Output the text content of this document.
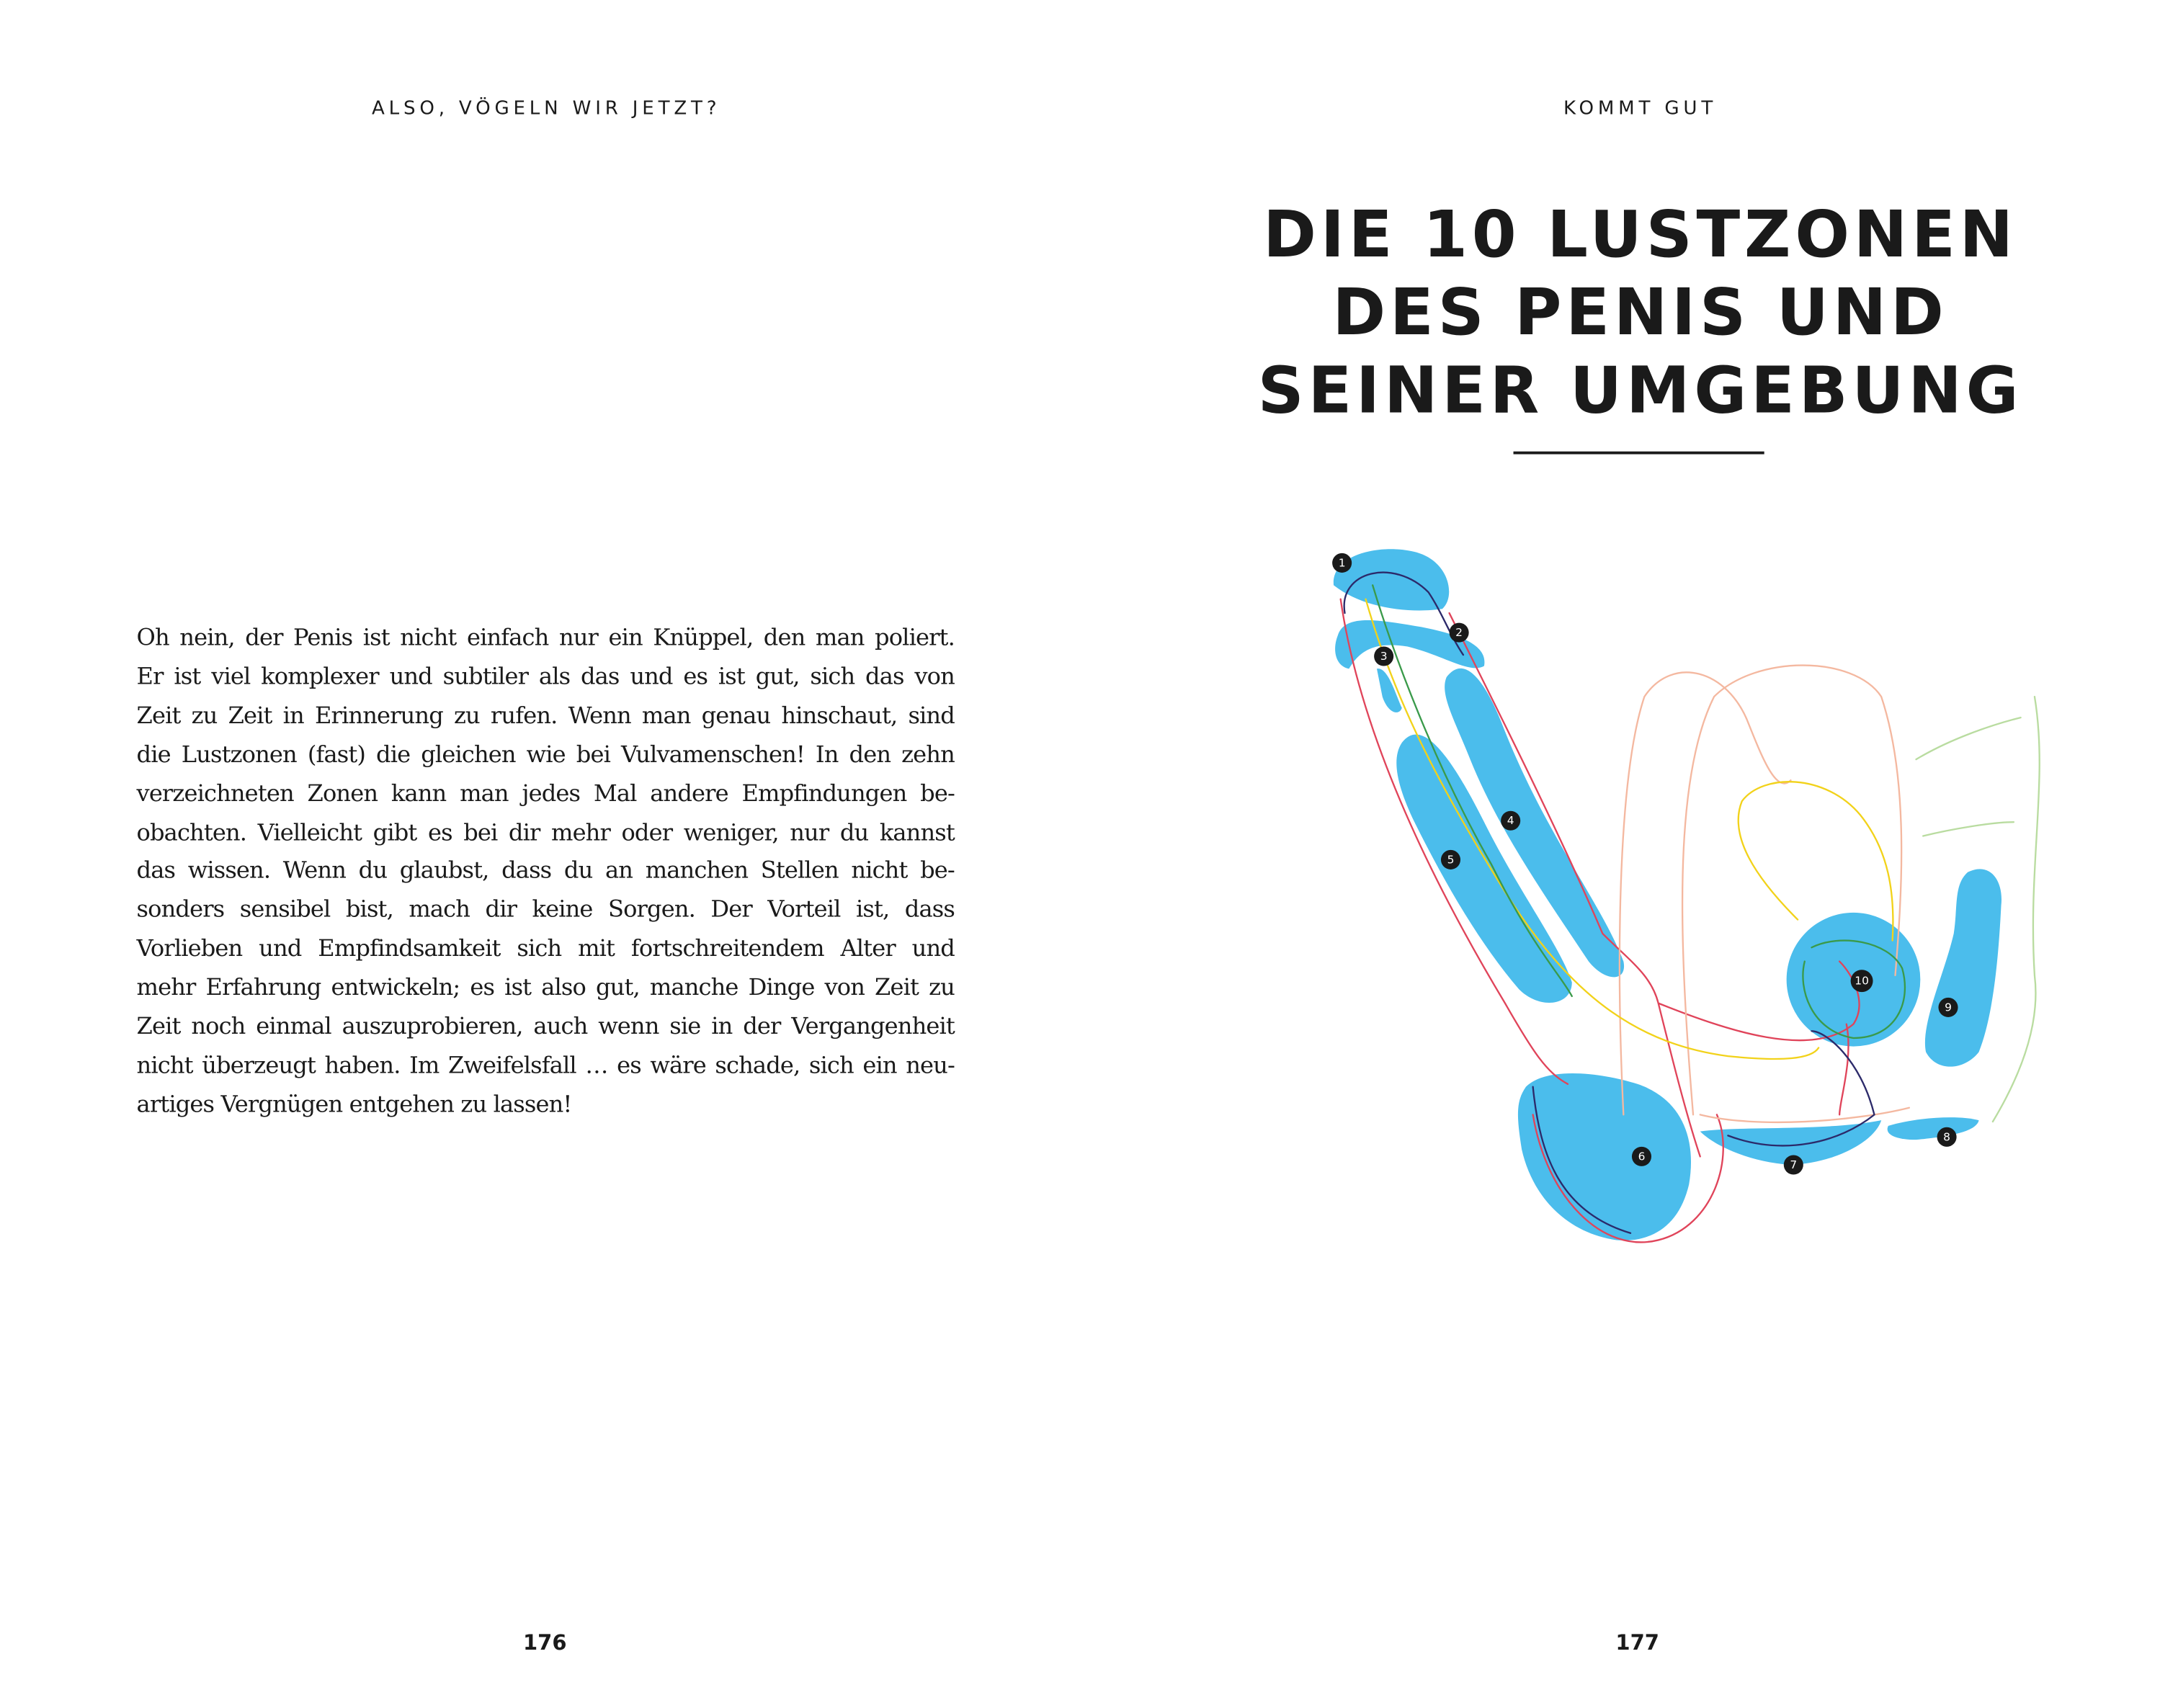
ALSO, VÖGELN WIR JETZT?	KOMMT GUT
Oh nein, der Penis ist nicht einfach nur ein Knüppel, den man poliert.
Er ist viel komplexer und subtiler als das und es ist gut, sich das von
Zeit zu Zeit in Erinnerung zu rufen. Wenn man genau hinschaut, sind
die Lustzonen (fast) die gleichen wie bei Vulvamenschen! In den zehn
verzeichneten Zonen kann man jedes Mal andere Empfindungen be-
obachten. Vielleicht gibt es bei dir mehr oder weniger, nur du kannst
das wissen. Wenn du glaubst, dass du an manchen Stellen nicht be-
sonders sensibel bist, mach dir keine Sorgen. Der Vorteil ist, dass
Vorlieben und Empfindsamkeit sich mit fortschreitendem Alter und
mehr Erfahrung entwickeln; es ist also gut, manche Dinge von Zeit zu
Zeit noch einmal auszuprobieren, auch wenn sie in der Vergangenheit
nicht überzeugt haben. Im Zweifelsfall … es wäre schade, sich ein neu-
artiges Vergnügen entgehen zu lassen!
DIE 10 LUSTZONEN
DES PENIS UND
SEINER UMGEBUNG
1
2
3
4
5
6
7
8
9
10
176	177
